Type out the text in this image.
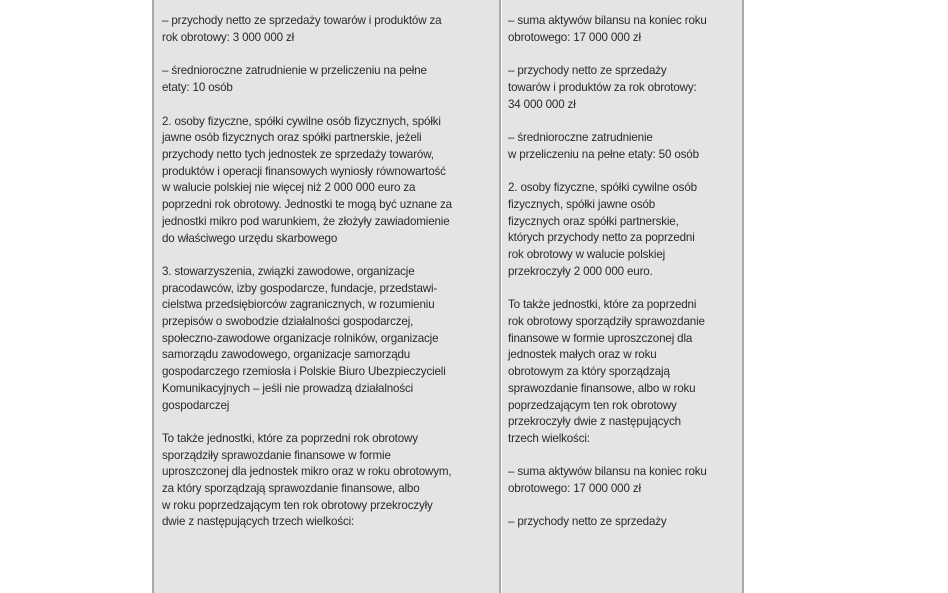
– przychody netto ze sprzedaży towarów i produktów za
rok obrotowy: 3 000 000 zł

– średnioroczne zatrudnienie w przeliczeniu na pełne
etaty: 10 osób

2. osoby fizyczne, spółki cywilne osób fizycznych, spółki
jawne osób fizycznych oraz spółki partnerskie, jeżeli
przychody netto tych jednostek ze sprzedaży towarów,
produktów i operacji finansowych wyniosły równowartość
w walucie polskiej nie więcej niż 2 000 000 euro za
poprzedni rok obrotowy. Jednostki te mogą być uznane za
jednostki mikro pod warunkiem, że złożyły zawiadomienie
do właściwego urzędu skarbowego

3. stowarzyszenia, związki zawodowe, organizacje
pracodawców, izby gospodarcze, fundacje, przedstawi-
cielstwa przedsiębiorców zagranicznych, w rozumieniu
przepisów o swobodzie działalności gospodarczej,
społeczno-zawodowe organizacje rolników, organizacje
samorządu zawodowego, organizacje samorządu
gospodarczego rzemiosła i Polskie Biuro Ubezpieczycieli
Komunikacyjnych – jeśli nie prowadzą działalności
gospodarczej

To także jednostki, które za poprzedni rok obrotowy
sporządziły sprawozdanie finansowe w formie
uproszczonej dla jednostek mikro oraz w roku obrotowym,
za który sporządzają sprawozdanie finansowe, albo
w roku poprzedzającym ten rok obrotowy przekroczyły
dwie z następujących trzech wielkości:

– suma aktywów bilansu na koniec roku
obrotowego: 17 000 000 zł

– przychody netto ze sprzedaży
towarów i produktów za rok obrotowy:
34 000 000 zł

– średnioroczne zatrudnienie
w przeliczeniu na pełne etaty: 50 osób

2. osoby fizyczne, spółki cywilne osób
fizycznych, spółki jawne osób
fizycznych oraz spółki partnerskie,
których przychody netto za poprzedni
rok obrotowy w walucie polskiej
przekroczyły 2 000 000 euro.

To także jednostki, które za poprzedni
rok obrotowy sporządziły sprawozdanie
finansowe w formie uproszczonej dla
jednostek małych oraz w roku
obrotowym za który sporządzają
sprawozdanie finansowe, albo w roku
poprzedzającym ten rok obrotowy
przekroczyły dwie z następujących
trzech wielkości:

– suma aktywów bilansu na koniec roku
obrotowego: 17 000 000 zł

– przychody netto ze sprzedaży
